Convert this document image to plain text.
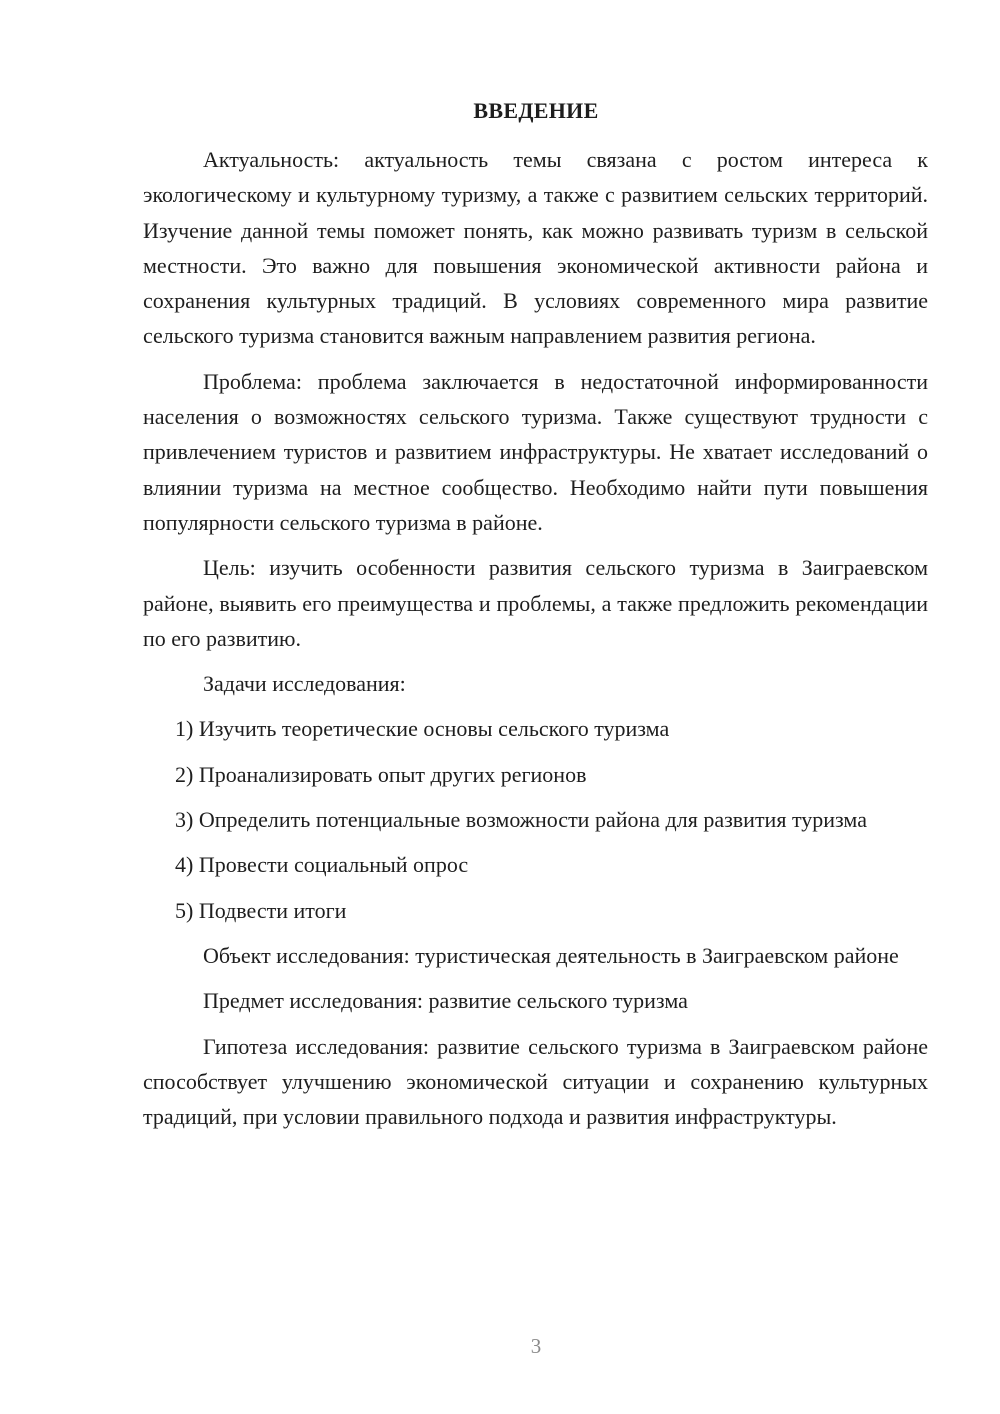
ВВЕДЕНИЕ

Актуальность: актуальность темы связана с ростом интереса к экологическому и культурному туризму, а также с развитием сельских территорий. Изучение данной темы поможет понять, как можно развивать туризм в сельской местности. Это важно для повышения экономической активности района и сохранения культурных традиций. В условиях современного мира развитие сельского туризма становится важным направлением развития региона.

Проблема: проблема заключается в недостаточной информированности населения о возможностях сельского туризма. Также существуют трудности с привлечением туристов и развитием инфраструктуры. Не хватает исследований о влиянии туризма на местное сообщество. Необходимо найти пути повышения популярности сельского туризма в районе.

Цель: изучить особенности развития сельского туризма в Заиграевском районе, выявить его преимущества и проблемы, а также предложить рекомендации по его развитию.

Задачи исследования:

1) Изучить теоретические основы сельского туризма

2) Проанализировать опыт других регионов

3) Определить потенциальные возможности района для развития туризма

4) Провести социальный опрос

5) Подвести итоги

Объект исследования: туристическая деятельность в Заиграевском районе

Предмет исследования: развитие сельского туризма

Гипотеза исследования: развитие сельского туризма в Заиграевском районе способствует улучшению экономической ситуации и сохранению культурных традиций, при условии правильного подхода и развития инфраструктуры.

3
